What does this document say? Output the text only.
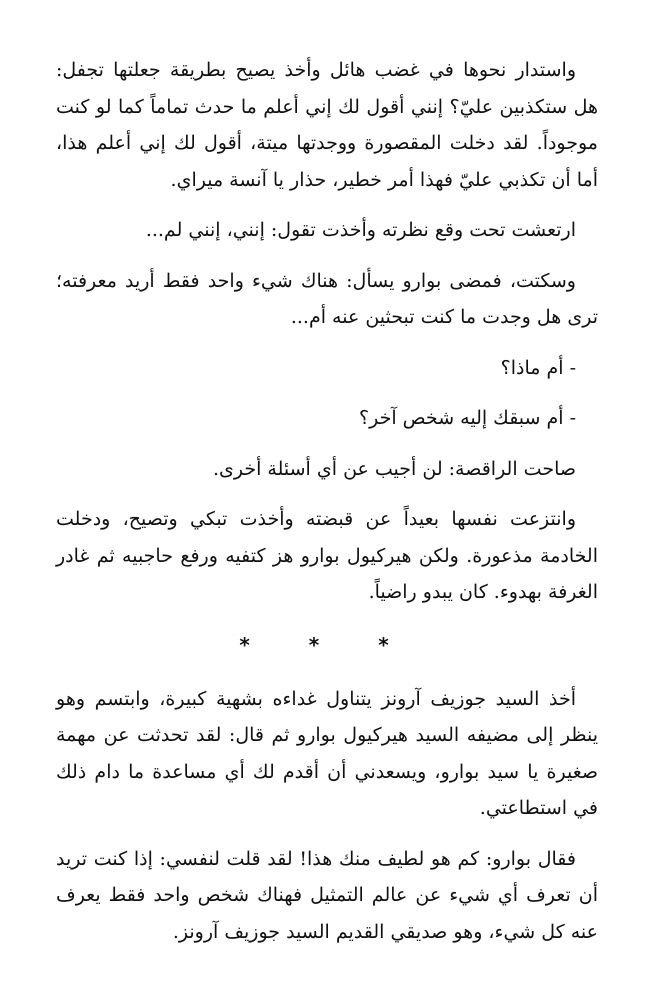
واستدار نحوها في غضب هائل وأخذ يصيح بطريقة جعلتها تجفل: هل ستكذبين عليّ؟ إنني أقول لك إني أعلم ما حدث تماماً كما لو كنت موجوداً. لقد دخلت المقصورة ووجدتها ميتة، أقول لك إني أعلم هذا، أما أن تكذبي عليّ فهذا أمر خطير، حذار يا آنسة ميراي.

ارتعشت تحت وقع نظرته وأخذت تقول: إنني، إنني لم...

وسكتت، فمضى بوارو يسأل: هناك شيء واحد فقط أريد معرفته؛ ترى هل وجدت ما كنت تبحثين عنه أم...

- أم ماذا؟

- أم سبقك إليه شخص آخر؟

صاحت الراقصة: لن أجيب عن أي أسئلة أخرى.

وانتزعت نفسها بعيداً عن قبضته وأخذت تبكي وتصيح، ودخلت الخادمة مذعورة. ولكن هيركيول بوارو هز كتفيه ورفع حاجبيه ثم غادر الغرفة بهدوء. كان يبدو راضياً.

* * *

أخذ السيد جوزيف آرونز يتناول غداءه بشهية كبيرة، وابتسم وهو ينظر إلى مضيفه السيد هيركيول بوارو ثم قال: لقد تحدثت عن مهمة صغيرة يا سيد بوارو، ويسعدني أن أقدم لك أي مساعدة ما دام ذلك في استطاعتي.

فقال بوارو: كم هو لطيف منك هذا! لقد قلت لنفسي: إذا كنت تريد أن تعرف أي شيء عن عالم التمثيل فهناك شخص واحد فقط يعرف عنه كل شيء، وهو صديقي القديم السيد جوزيف آرونز.
